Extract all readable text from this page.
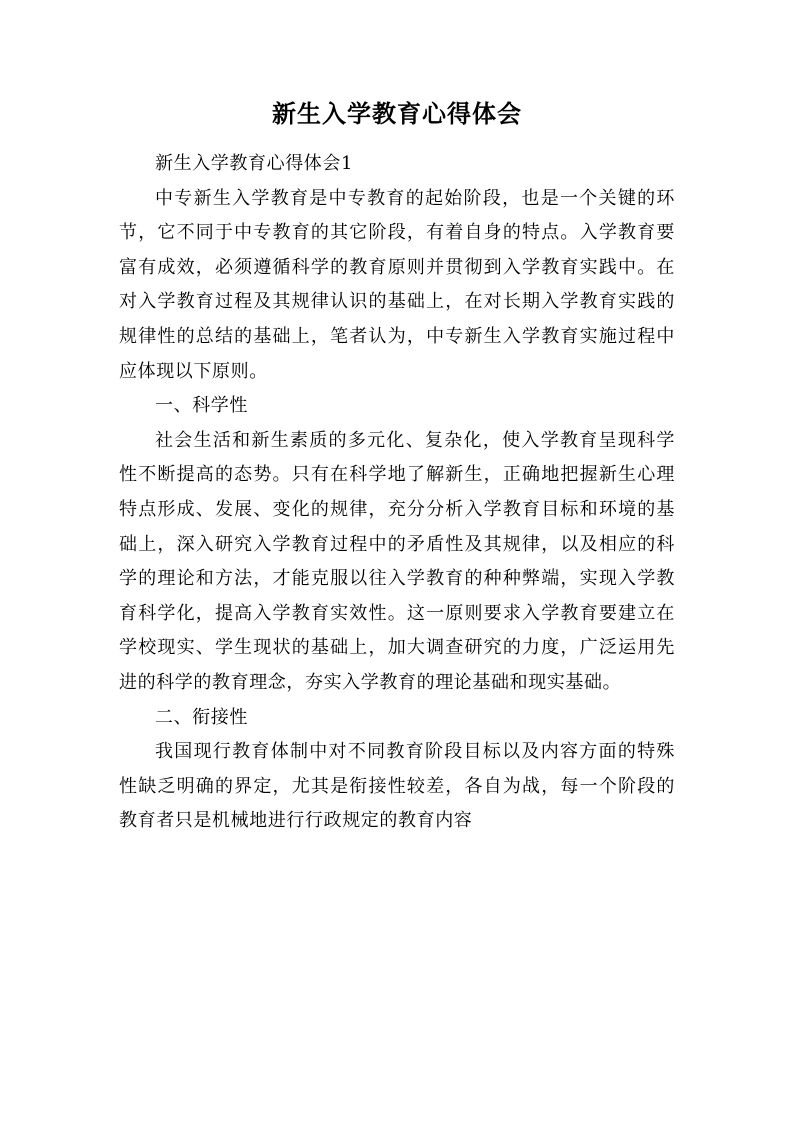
新生入学教育心得体会

新生入学教育心得体会1

中专新生入学教育是中专教育的起始阶段，也是一个关键的环节，它不同于中专教育的其它阶段，有着自身的特点。入学教育要富有成效，必须遵循科学的教育原则并贯彻到入学教育实践中。在对入学教育过程及其规律认识的基础上，在对长期入学教育实践的规律性的总结的基础上，笔者认为，中专新生入学教育实施过程中应体现以下原则。

一、科学性

社会生活和新生素质的多元化、复杂化，使入学教育呈现科学性不断提高的态势。只有在科学地了解新生，正确地把握新生心理特点形成、发展、变化的规律，充分分析入学教育目标和环境的基础上，深入研究入学教育过程中的矛盾性及其规律，以及相应的科学的理论和方法，才能克服以往入学教育的种种弊端，实现入学教育科学化，提高入学教育实效性。这一原则要求入学教育要建立在学校现实、学生现状的基础上，加大调查研究的力度，广泛运用先进的科学的教育理念，夯实入学教育的理论基础和现实基础。

二、衔接性

我国现行教育体制中对不同教育阶段目标以及内容方面的特殊性缺乏明确的界定，尤其是衔接性较差，各自为战，每一个阶段的教育者只是机械地进行行政规定的教育内容
